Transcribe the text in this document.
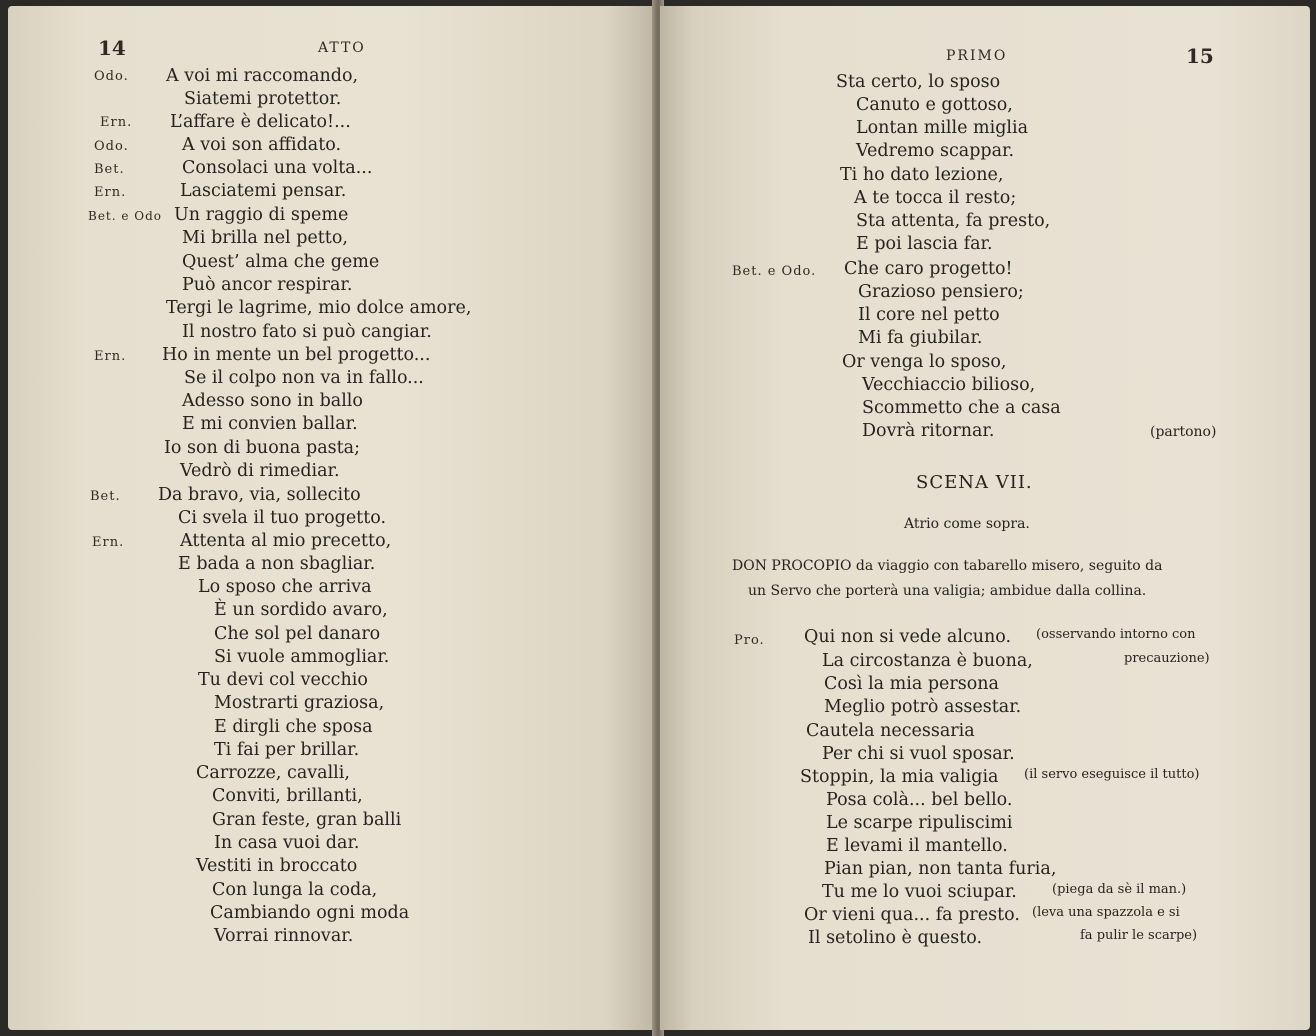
14	ATTO
Odo. A voi mi raccomando,
Siatemi protettor.
Ern. L’affare è delicato!...
Odo.	A voi son affidato.
Bet.	Consolaci una volta...
Ern.	Lasciatemi pensar.
Bet. e Odo Un raggio di speme
Mi brilla nel petto,
Quest’ alma che geme
Può ancor respirar.
Tergi le lagrime, mio dolce amore,
Il nostro fato si può cangiar.
Ern. Ho in mente un bel progetto...
Se il colpo non va in fallo...
Adesso sono in ballo
E mi convien ballar.
Io son di buona pasta;
Vedrò di rimediar.
Bet. Da bravo, via, sollecito
Ci svela il tuo progetto.
Ern.	Attenta al mio precetto,
E bada a non sbagliar.
Lo sposo che arriva
È un sordido avaro,
Che sol pel danaro
Si vuole ammogliar.
Tu devi col vecchio
Mostrarti graziosa,
E dirgli che sposa
Ti fai per brillar.
Carrozze, cavalli,
Conviti, brillanti,
Gran feste, gran balli
In casa vuoi dar.
Vestiti in broccato
Con lunga la coda,
Cambiando ogni moda
Vorrai rinnovar.
PRIMO	15
Sta certo, lo sposo
Canuto e gottoso,
Lontan mille miglia
Vedremo scappar.
Ti ho dato lezione,
A te tocca il resto;
Sta attenta, fa presto,
E poi lascia far.
Bet. e Odo. Che caro progetto!
Grazioso pensiero;
Il core nel petto
Mi fa giubilar.
Or venga lo sposo,
Vecchiaccio bilioso,
Scommetto che a casa
Dovrà ritornar.	(partono)
SCENA VII.
Atrio come sopra.
DON PROCOPIO da viaggio con tabarello misero, seguito da
un Servo che porterà una valigia; ambidue dalla collina.
Pro. Qui non si vede alcuno. (osservando intorno con
La circostanza è buona,	precauzione)
Così la mia persona
Meglio potrò assestar.
Cautela necessaria
Per chi si vuol sposar.
Stoppin, la mia valigia (il servo eseguisce il tutto)
Posa colà... bel bello.
Le scarpe ripuliscimi
E levami il mantello.
Pian pian, non tanta furia,
Tu me lo vuoi sciupar.	(piega da sè il man.)
Or vieni qua... fa presto. (leva una spazzola e si
Il setolino è questo.	fa pulir le scarpe)
